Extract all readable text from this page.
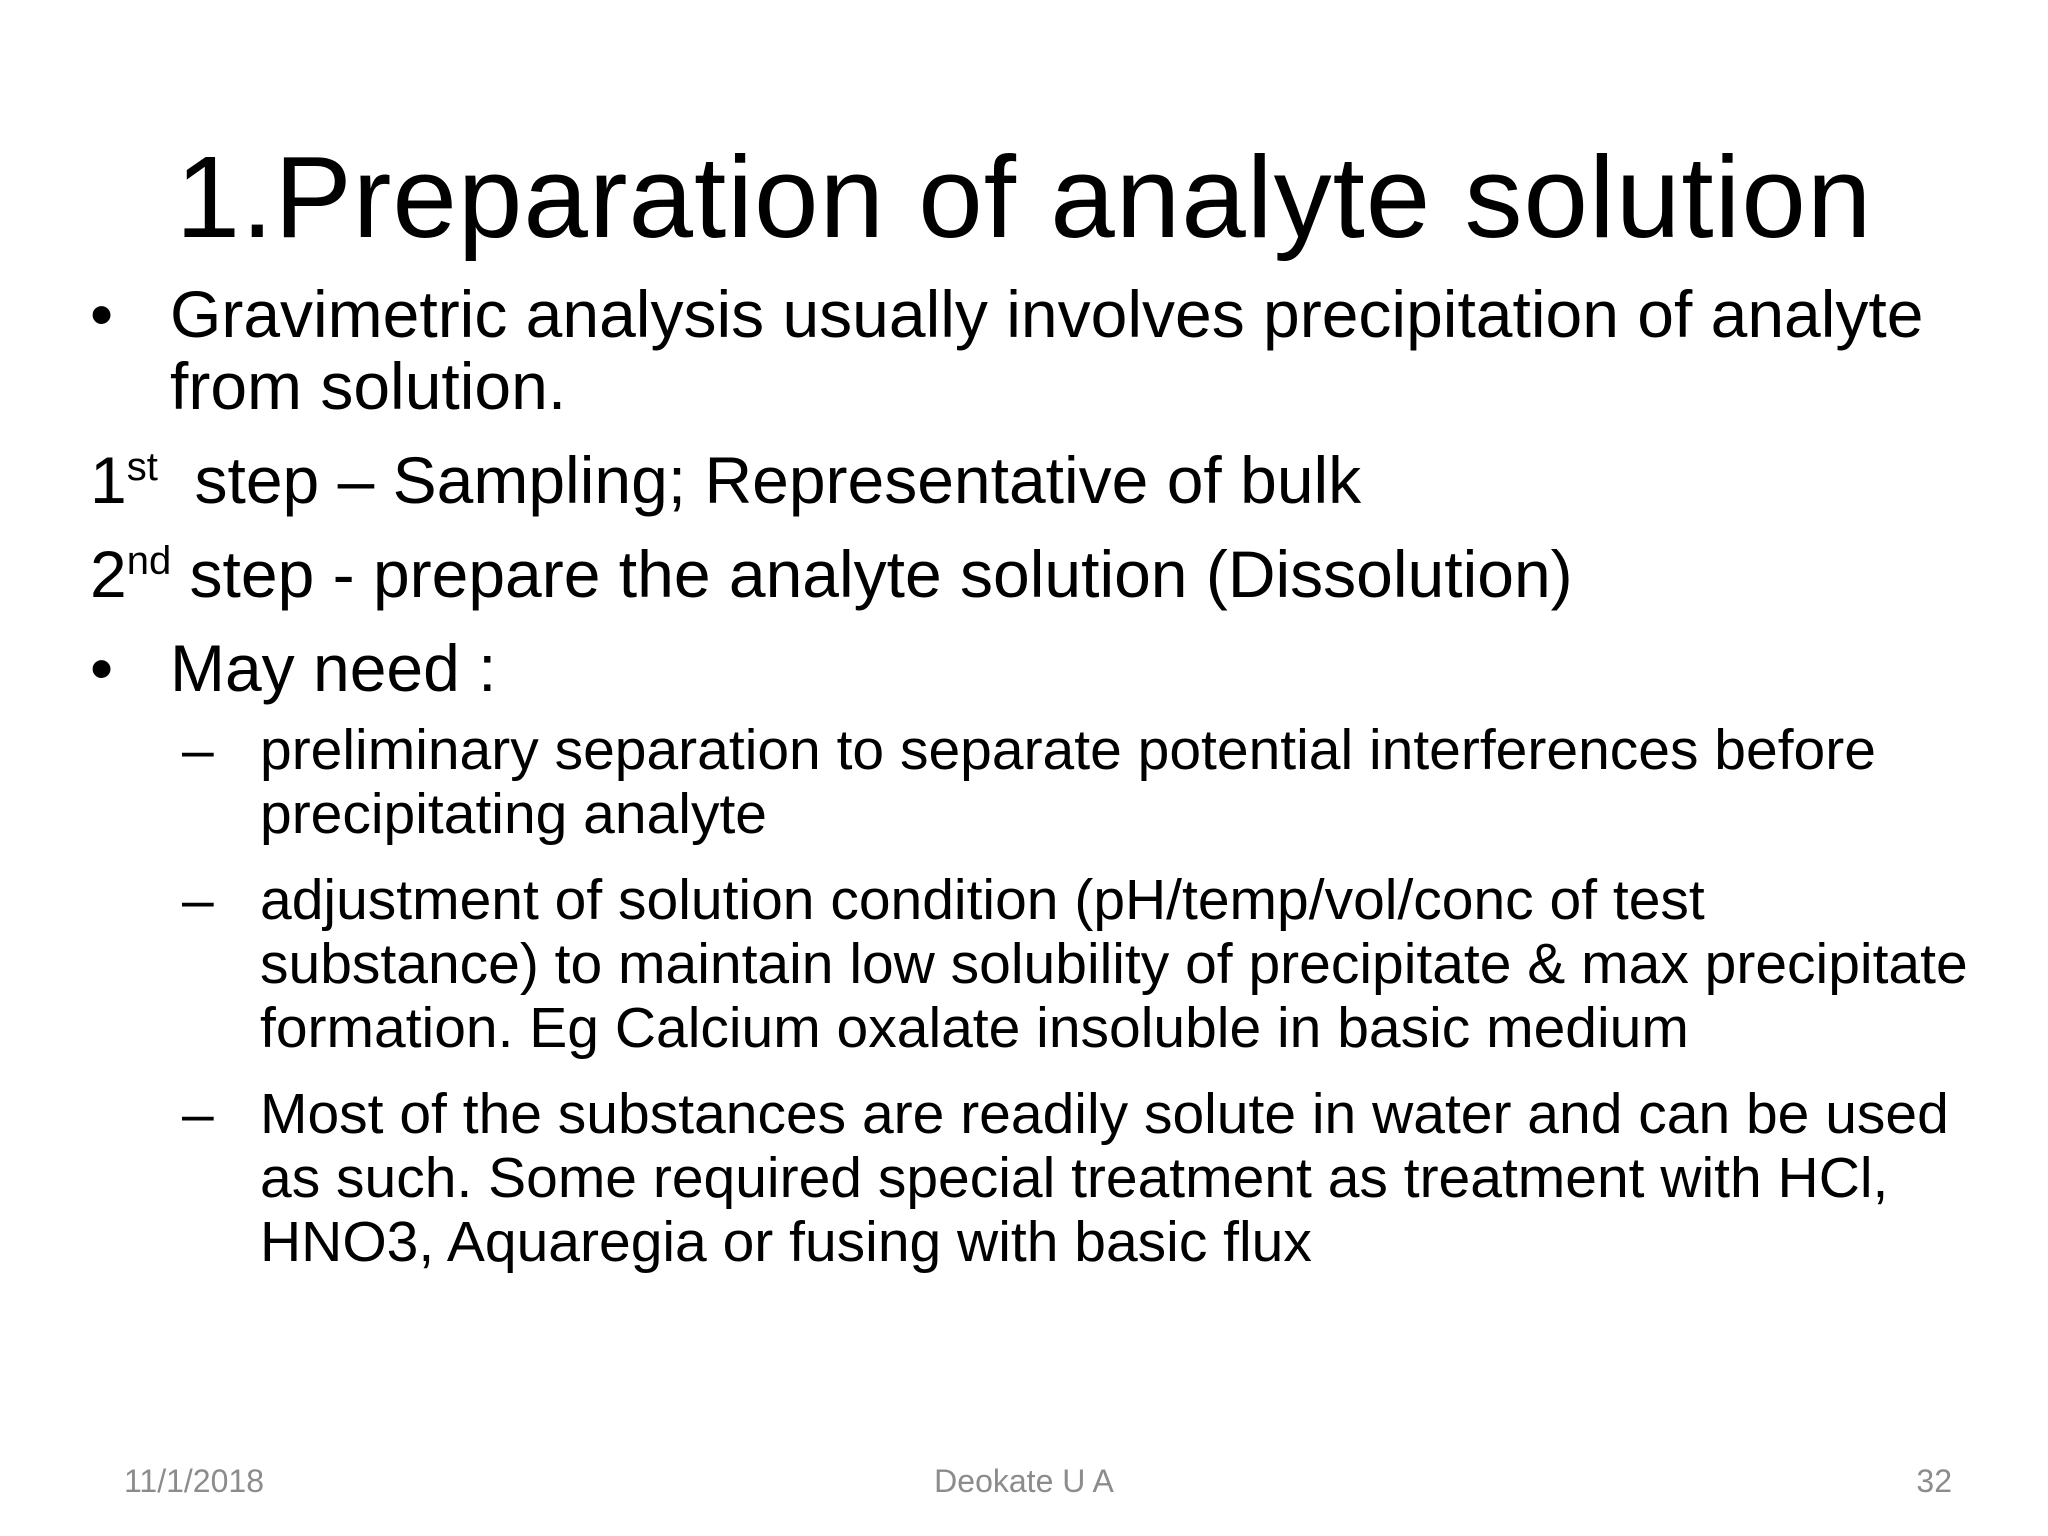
1.Preparation of analyte solution
• Gravimetric analysis usually involves precipitation of analyte from solution.
1st  step – Sampling; Representative of bulk
2nd step - prepare the analyte solution (Dissolution)
• May need :
– preliminary separation to separate potential interferences before precipitating analyte
– adjustment of solution condition (pH/temp/vol/conc of test substance) to maintain low solubility of precipitate & max precipitate formation. Eg Calcium oxalate insoluble in basic medium
– Most of the substances are readily solute in water and can be used as such. Some required special treatment as treatment with HCl, HNO3, Aquaregia or fusing with basic flux
11/1/2018	Deokate U A	32
